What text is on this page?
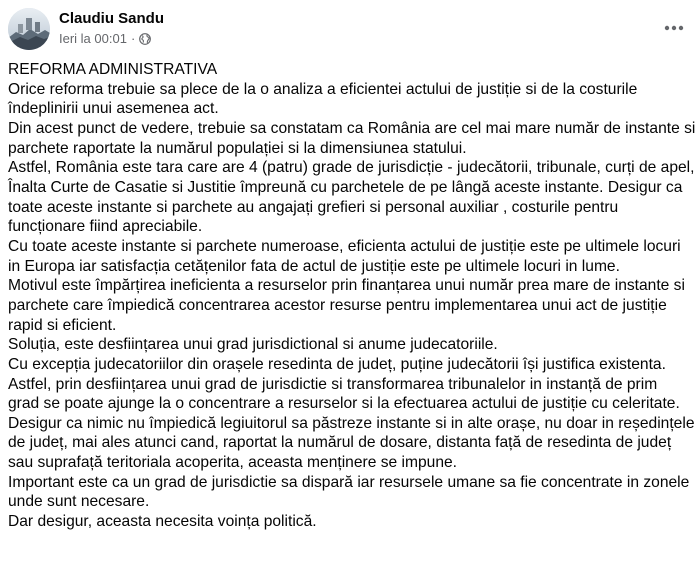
Claudiu Sandu
Ieri la 00:01 ·

REFORMA ADMINISTRATIVA

Orice reforma trebuie sa plece de la o analiza a eficientei actului de justiție si de la costurile

îndeplinirii unui asemenea act.

Din acest punct de vedere, trebuie sa constatam ca România are cel mai mare număr de instante si

parchete raportate la numărul populației si la dimensiunea statului.

Astfel, România este tara care are 4 (patru) grade de jurisdicție - judecătorii, tribunale, curți de apel,

Înalta Curte de Casatie si Justitie împreună cu parchetele de pe lângă aceste instante. Desigur ca

toate aceste instante si parchete au angajați grefieri si personal auxiliar , costurile pentru

funcționare fiind apreciabile.

Cu toate aceste instante si parchete numeroase, eficienta actului de justiție este pe ultimele locuri

in Europa iar satisfacția cetățenilor fata de actul de justiție este pe ultimele locuri in lume.

Motivul este împărțirea ineficienta a resurselor prin finanțarea unui număr prea mare de instante si

parchete care împiedică concentrarea acestor resurse pentru implementarea unui act de justiție

rapid si eficient.

Soluția, este desființarea unui grad jurisdictional si anume judecatoriile.

Cu excepția judecatoriilor din orașele resedinta de județ, puține judecătorii își justifica existenta.

Astfel, prin desființarea unui grad de jurisdictie si transformarea tribunalelor in instanță de prim

grad se poate ajunge la o concentrare a resurselor si la efectuarea actului de justiție cu celeritate.

Desigur ca nimic nu împiedică legiuitorul sa păstreze instante si in alte orașe, nu doar in reședințele

de județ, mai ales atunci cand, raportat la numărul de dosare, distanta față de resedinta de județ

sau suprafață teritoriala acoperita, aceasta menținere se impune.

Important este ca un grad de jurisdictie sa dispară iar resursele umane sa fie concentrate in zonele

unde sunt necesare.

Dar desigur, aceasta necesita voința politică.
